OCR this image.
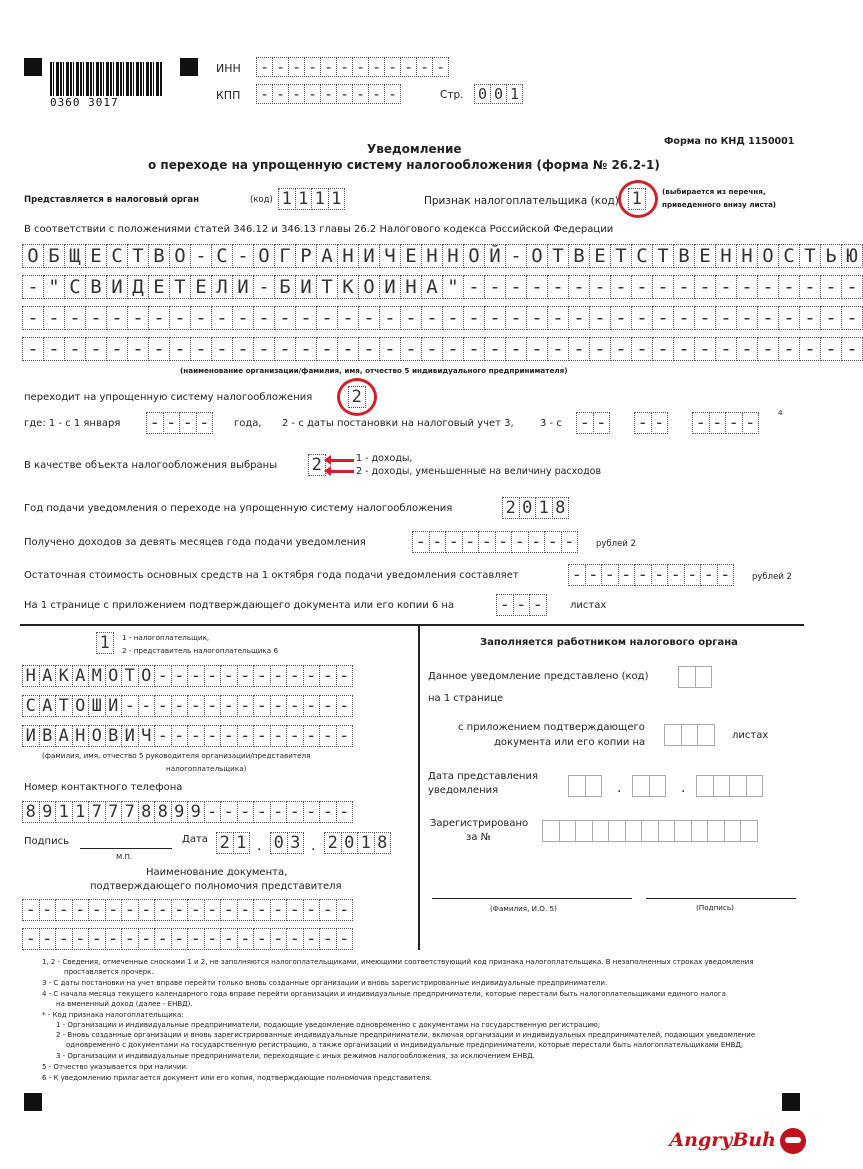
0360 3017
ИНН - - - - - - - - - - - -
КПП - - - - - - - - -	Стр. 0 0 1
Форма по КНД 1150001
Уведомление
о переходе на упрощенную систему налогообложения (форма № 26.2-1)
Представляется в налоговый орган	(код) 1 1 1 1	Признак налогоплательщика (код) 1	(выбирается из перечня,
приведенного внизу листа)
В соответствии с положениями статей 346.12 и 346.13 главы 26.2 Налогового кодекса Российской Федерации
О Б Щ Е С Т В О - С - О Г Р А Н И Ч Е Н Н О Й - О Т В Е Т С Т В Е Н Н О С Т Ь Ю
- " С В И Д Е Т Е Л И - Б И Т К О И Н А " - - - - - - - - - - - - - - - - - - -
- - - - - - - - - - - - - - - - - - - - - - - - - - - - - - - - - - - - - - - -
- - - - - - - - - - - - - - - - - - - - - - - - - - - - - - - - - - - - - - - -
(наименование организации/фамилия, имя, отчество 5 индивидуального предпринимателя)
переходит на упрощенную систему налогообложения 2
где: 1 - с 1 января - - - -	года, 2 - с даты постановки на налоговый учет 3,	3 - с - - - - - - - -	4
В качестве объекта налогообложения выбраны 2	1 - доходы,
2 - доходы, уменьшенные на величину расходов
Год подачи уведомления о переходе на упрощенную систему налогообложения	2 0 1 8
Получено доходов за девять месяцев года подачи уведомления	- - - - - - - - - -	рублей 2
Остаточная стоимость основных средств на 1 октября года подачи уведомления составляет	- - - - - - - - - -	рублей 2
На 1 странице с приложением подтверждающего документа или его копии 6 на	- - -	листах
1	1 - налогоплательщик,
2 - представитель налогоплательщика 6
Н А К А М О Т О - - - - - - - - - - - -
С А Т О Ш И - - - - - - - - - - - - - -
И В А Н О В И Ч - - - - - - - - - - - -
(фамилия, имя, отчество 5 руководителя организации/представителя
налогоплательщика)
Номер контактного телефона
8 9 1 1 7 7 7 8 8 9 9 - - - - - - - - -
Подпись
М.П.
Дата 2 1 0 3 2 0 1 8
.	.
Наименование документа,
подтверждающего полномочия представителя
- - - - - - - - - - - - - - - - - - - -
- - - - - - - - - - - - - - - - - - - -
Заполняется работником налогового органа
Данное уведомление представлено (код)
на 1 странице
с приложением подтверждающего
документа или его копии на
листах
Дата представления
уведомления	.	.
Зарегистрировано
за №
(Фамилия, И.О. 5)	(Подпись)
1, 2 - Сведения, отмеченные сносками 1 и 2, не заполняются налогоплательщиками, имеющими соответствующий код признака налогоплательщика. В незаполненных строках уведомления
проставляется прочерк.
3 - С даты постановки на учет вправе перейти только вновь созданные организации и вновь зарегистрированные индивидуальные предприниматели.
4 - С начала месяца текущего календарного года вправе перейти организации и индивидуальные предприниматели, которые перестали быть налогоплательщиками единого налога
на вмененный доход (далее - ЕНВД).
* - Код признака налогоплательщика:
1 - Организации и индивидуальные предприниматели, подающие уведомление одновременно с документами на государственную регистрацию;
2 - Вновь созданные организации и вновь зарегистрированные индивидуальные предприниматели, включая организации и индивидуальных предпринимателей, подающих уведомление
одновременно с документами на государственную регистрацию, а также организации и индивидуальные предприниматели, которые перестали быть налогоплательщиками ЕНВД;
3 - Организации и индивидуальные предприниматели, переходящие с иных режимов налогообложения, за исключением ЕНВД.
5 - Отчество указывается при наличии.
6 - К уведомлению прилагается документ или его копия, подтверждающие полномочия представителя.
AngryBuh
